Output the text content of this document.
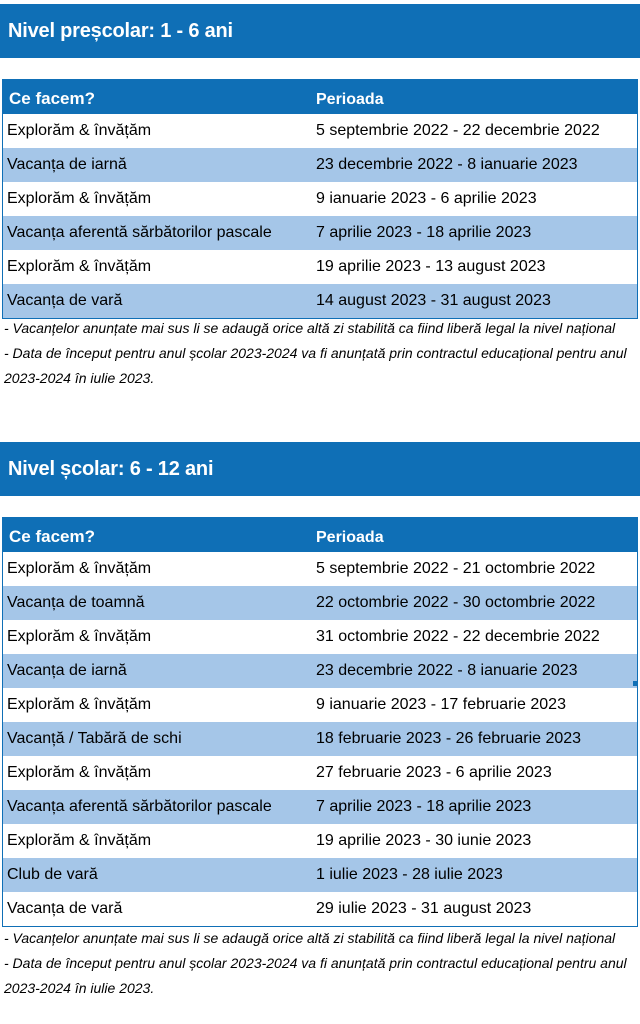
Nivel preșcolar: 1 - 6 ani
Ce facem?	Perioada
Explorăm & învățăm	5 septembrie 2022 - 22 decembrie 2022
Vacanța de iarnă	23 decembrie 2022 - 8 ianuarie 2023
Explorăm & învățăm	9 ianuarie 2023 - 6 aprilie 2023
Vacanța aferentă sărbătorilor pascale	7 aprilie 2023 - 18 aprilie 2023
Explorăm & învățăm	19 aprilie 2023 - 13 august 2023
Vacanța de vară	14 august 2023 - 31 august 2023
- Vacanțelor anunțate mai sus li se adaugă orice altă zi stabilită ca fiind liberă legal la nivel național
- Data de început pentru anul școlar 2023-2024 va fi anunțată prin contractul educațional pentru anul 2023-2024 în iulie 2023.
Nivel școlar: 6 - 12 ani
Ce facem?	Perioada
Explorăm & învățăm	5 septembrie 2022 - 21 octombrie 2022
Vacanța de toamnă	22 octombrie 2022 - 30 octombrie 2022
Explorăm & învățăm	31 octombrie 2022 - 22 decembrie 2022
Vacanța de iarnă	23 decembrie 2022 - 8 ianuarie 2023
Explorăm & învățăm	9 ianuarie 2023 - 17 februarie 2023
Vacanță / Tabără de schi	18 februarie 2023 - 26 februarie 2023
Explorăm & învățăm	27 februarie 2023 - 6 aprilie 2023
Vacanța aferentă sărbătorilor pascale	7 aprilie 2023 - 18 aprilie 2023
Explorăm & învățăm	19 aprilie 2023 - 30 iunie 2023
Club de vară	1 iulie 2023 - 28 iulie 2023
Vacanța de vară	29 iulie 2023 - 31 august 2023
- Vacanțelor anunțate mai sus li se adaugă orice altă zi stabilită ca fiind liberă legal la nivel național
- Data de început pentru anul școlar 2023-2024 va fi anunțată prin contractul educațional pentru anul 2023-2024 în iulie 2023.
